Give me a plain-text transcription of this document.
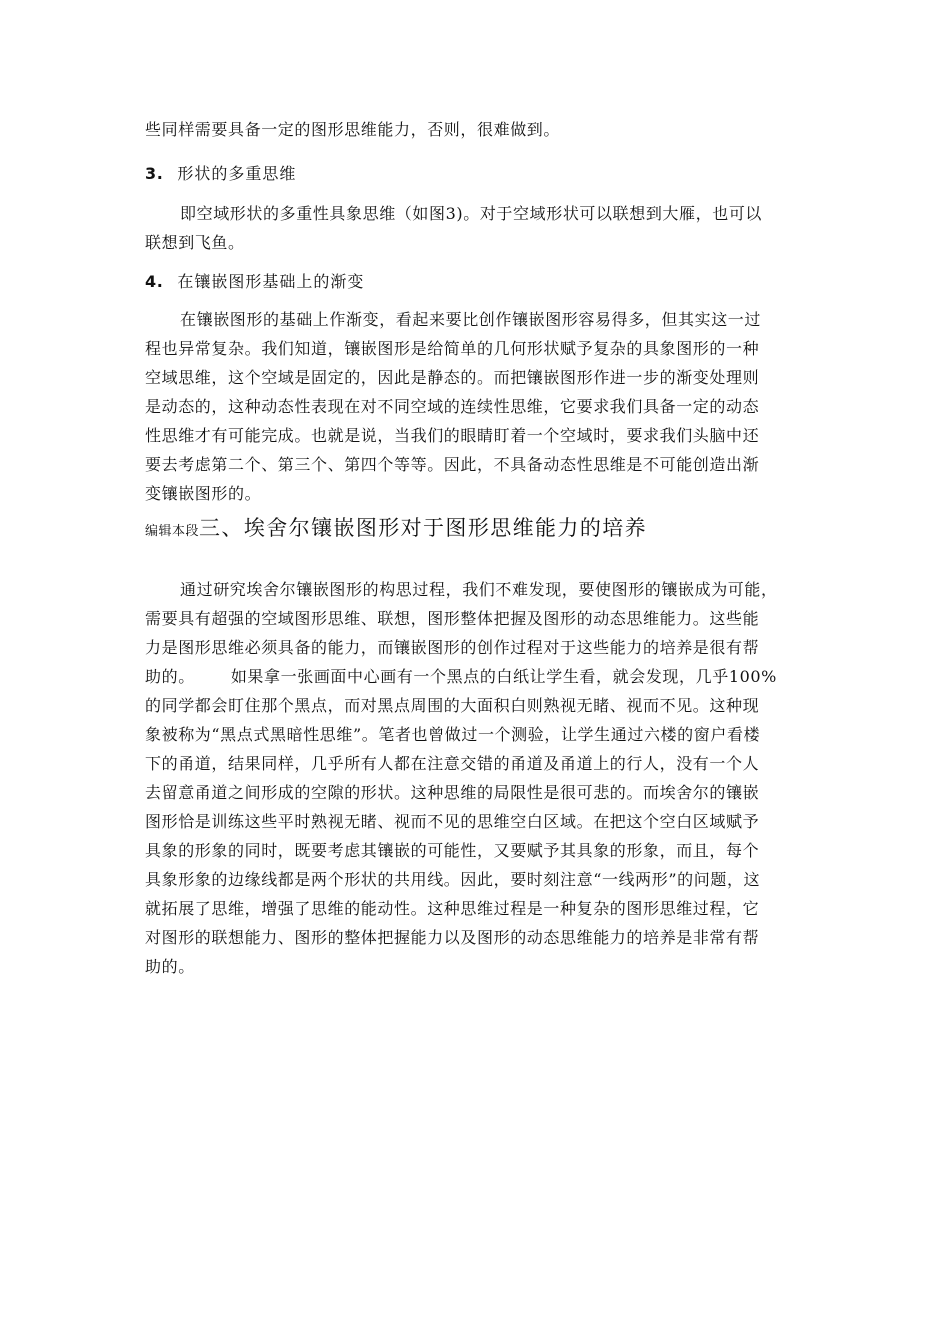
些同样需要具备一定的图形思维能力，否则，很难做到。
3. 形状的多重思维
即空域形状的多重性具象思维（如图3)。对于空域形状可以联想到大雁，也可以
联想到飞鱼。
4. 在镶嵌图形基础上的渐变
在镶嵌图形的基础上作渐变，看起来要比创作镶嵌图形容易得多，但其实这一过
程也异常复杂。我们知道，镶嵌图形是给简单的几何形状赋予复杂的具象图形的一种
空域思维，这个空域是固定的，因此是静态的。而把镶嵌图形作进一步的渐变处理则
是动态的，这种动态性表现在对不同空域的连续性思维，它要求我们具备一定的动态
性思维才有可能完成。也就是说，当我们的眼睛盯着一个空域时，要求我们头脑中还
要去考虑第二个、第三个、第四个等等。因此，不具备动态性思维是不可能创造出渐
变镶嵌图形的。
编辑本段三、埃舍尔镶嵌图形对于图形思维能力的培养
通过研究埃舍尔镶嵌图形的构思过程，我们不难发现，要使图形的镶嵌成为可能，
需要具有超强的空域图形思维、联想，图形整体把握及图形的动态思维能力。这些能
力是图形思维必须具备的能力，而镶嵌图形的创作过程对于这些能力的培养是很有帮
助的。 如果拿一张画面中心画有一个黑点的白纸让学生看，就会发现，几乎100%
的同学都会盯住那个黑点，而对黑点周围的大面积白则熟视无睹、视而不见。这种现
象被称为“黑点式黑暗性思维”。笔者也曾做过一个测验，让学生通过六楼的窗户看楼
下的甬道，结果同样，几乎所有人都在注意交错的甬道及甬道上的行人，没有一个人
去留意甬道之间形成的空隙的形状。这种思维的局限性是很可悲的。而埃舍尔的镶嵌
图形恰是训练这些平时熟视无睹、视而不见的思维空白区域。在把这个空白区域赋予
具象的形象的同时，既要考虑其镶嵌的可能性，又要赋予其具象的形象，而且，每个
具象形象的边缘线都是两个形状的共用线。因此，要时刻注意“一线两形”的问题，这
就拓展了思维，增强了思维的能动性。这种思维过程是一种复杂的图形思维过程，它
对图形的联想能力、图形的整体把握能力以及图形的动态思维能力的培养是非常有帮
助的。
